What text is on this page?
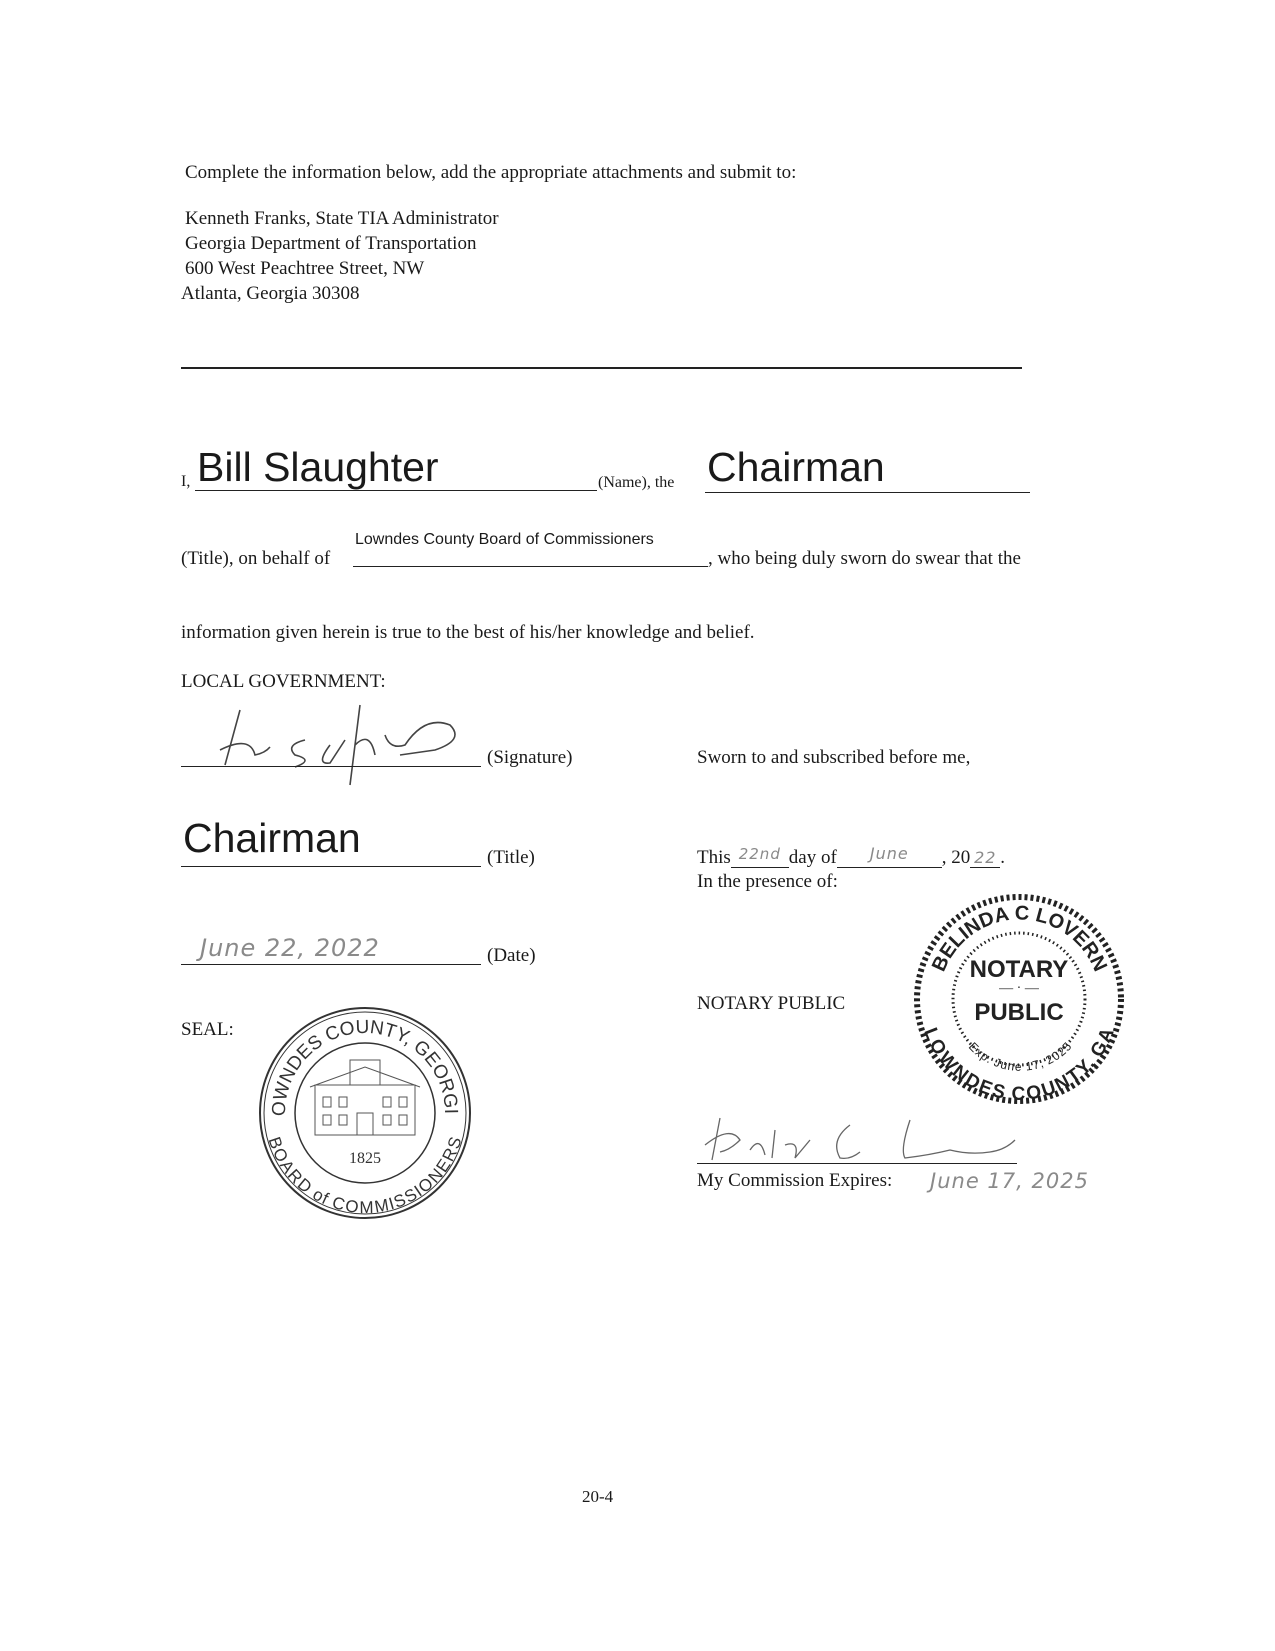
Complete the information below, add the appropriate attachments and submit to:
Kenneth Franks, State TIA Administrator
Georgia Department of Transportation
600 West Peachtree Street, NW
Atlanta, Georgia 30308
I, Bill Slaughter	(Name), the Chairman
(Title), on behalf of
Lowndes County Board of Commissioners
, who being duly sworn do swear that the
information given herein is true to the best of his/her knowledge and belief.
LOCAL GOVERNMENT:
(Signature)	Sworn to and subscribed before me,
Chairman	(Title)	This $^{22nd}$ day of $^{June}$ , 20 22 .
In the presence of:
June 22, 2022	(Date)
NOTARY PUBLIC
SEAL:
LOWNDES COUNTY, GEORGIA
BOARD of COMMISSIONERS
1825
BELINDA C LOVERN
LOWNDES COUNTY, GA
NOTARY
— · —
PUBLIC
Exp. June 17, 2025
My Commission Expires: June 17, 2025
20-4
